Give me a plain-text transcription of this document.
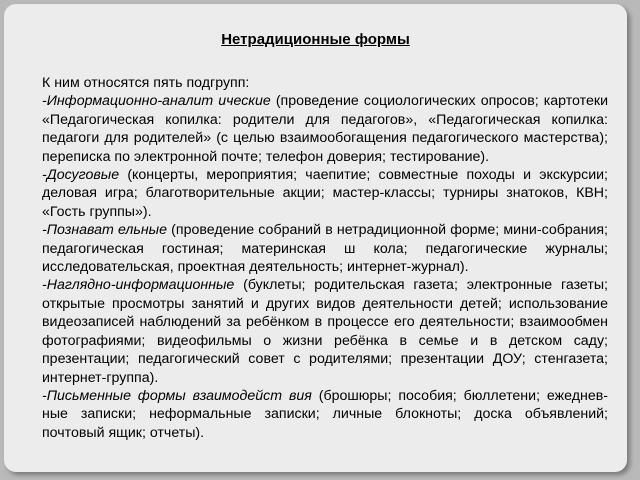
Нетрадиционные формы

К ним относятся пять подгрупп:

-Информационно-аналит ические (проведение социологических опросов; картотеки «Педагогическая копилка: родители для педагогов», «Педагогическая копилка: педагоги для родителей» (с целью взаимообогащения педагогического мастерства); переписка по электронной почте; телефон доверия; тестирование).

-Досуговые (концерты, мероприятия; чаепитие; совместные походы и экскурсии; деловая игра; благотворительные акции; мастер-классы; турниры знатоков, КВН; «Гость группы»).

-Познават ельные (проведение собраний в нетрадиционной форме; мини-собрания; педагогическая гостиная; материнская ш кола; педагогические журналы; исследовательская, проектная деятельность; интернет-журнал).

-Наглядно-информационные (буклеты; родительская газета; электронные газеты; открытые просмотры занятий и других видов деятельности детей; использование видеозаписей наблюдений за ребёнком в процессе его деятельности; взаимообмен фотографиями; видеофильмы о жизни ребёнка в семье и в детском саду; презентации; педагогический совет с родителями; презентации ДОУ; стенгазета; интернет-группа).

-Письменные формы взаимодейст вия (брошюры; пособия; бюллетени; ежеднев-ные записки; неформальные записки; личные блокноты; доска объявлений; почтовый ящик; отчеты).
